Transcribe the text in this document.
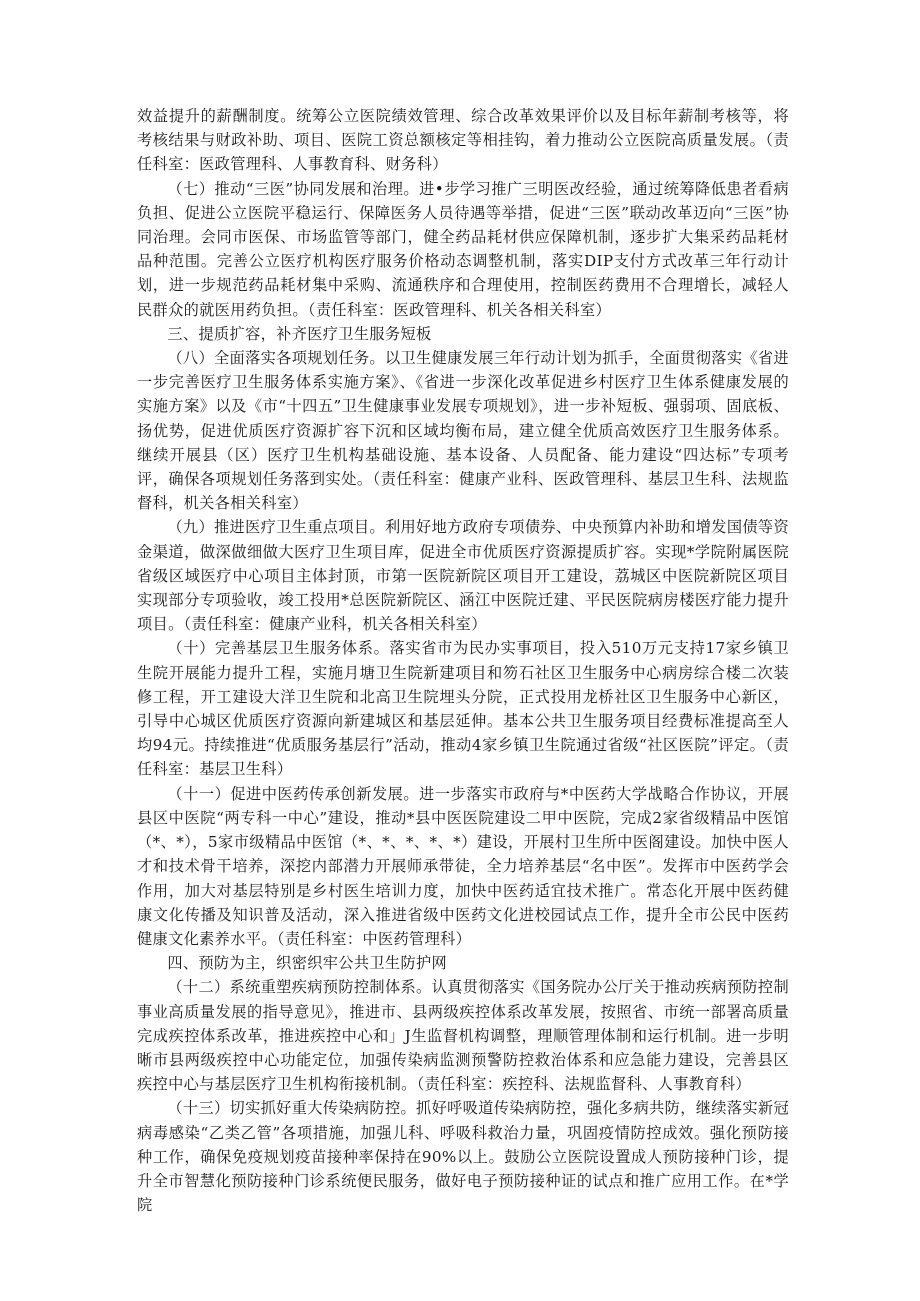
效益提升的薪酬制度。统筹公立医院绩效管理、综合改革效果评价以及目标年薪制考核等，将考核结果与财政补助、项目、医院工资总额核定等相挂钩，着力推动公立医院高质量发展。（责任科室：医政管理科、人事教育科、财务科）

（七）推动“三医”协同发展和治理。进•步学习推广三明医改经验，通过统筹降低患者看病负担、促进公立医院平稳运行、保障医务人员待遇等举措，促进“三医”联动改革迈向“三医”协同治理。会同市医保、市场监管等部门，健全药品耗材供应保障机制，逐步扩大集采药品耗材品种范围。完善公立医疗机构医疗服务价格动态调整机制，落实DIP支付方式改革三年行动计划，进一步规范药品耗材集中采购、流通秩序和合理使用，控制医药费用不合理增长，减轻人民群众的就医用药负担。（责任科室：医政管理科、机关各相关科室）

三、提质扩容，补齐医疗卫生服务短板

（八）全面落实各项规划任务。以卫生健康发展三年行动计划为抓手，全面贯彻落实《省进一步完善医疗卫生服务体系实施方案》、《省进一步深化改革促进乡村医疗卫生体系健康发展的实施方案》以及《市“十四五”卫生健康事业发展专项规划》，进一步补短板、强弱项、固底板、扬优势，促进优质医疗资源扩容下沉和区域均衡布局，建立健全优质高效医疗卫生服务体系。继续开展县（区）医疗卫生机构基础设施、基本设备、人员配备、能力建设“四达标”专项考评，确保各项规划任务落到实处。（责任科室：健康产业科、医政管理科、基层卫生科、法规监督科，机关各相关科室）

（九）推进医疗卫生重点项目。利用好地方政府专项债券、中央预算内补助和增发国债等资金渠道，做深做细做大医疗卫生项目库，促进全市优质医疗资源提质扩容。实现*学院附属医院省级区域医疗中心项目主体封顶，市第一医院新院区项目开工建设，荔城区中医院新院区项目实现部分专项验收，竣工投用*总医院新院区、涵江中医院迁建、平民医院病房楼医疗能力提升项目。（责任科室：健康产业科，机关各相关科室）

（十）完善基层卫生服务体系。落实省市为民办实事项目，投入510万元支持17家乡镇卫生院开展能力提升工程，实施月塘卫生院新建项目和笏石社区卫生服务中心病房综合楼二次装修工程，开工建设大洋卫生院和北高卫生院埋头分院，正式投用龙桥社区卫生服务中心新区，引导中心城区优质医疗资源向新建城区和基层延伸。基本公共卫生服务项目经费标准提高至人均94元。持续推进“优质服务基层行”活动，推动4家乡镇卫生院通过省级“社区医院”评定。（责任科室：基层卫生科）

（十一）促进中医药传承创新发展。进一步落实市政府与*中医药大学战略合作协议，开展县区中医院“两专科一中心”建设，推动*县中医医院建设二甲中医院，完成2家省级精品中医馆（*、*），5家市级精品中医馆（*、*、*、*、*）建设，开展村卫生所中医阁建设。加快中医人才和技术骨干培养，深挖内部潜力开展师承带徒，全力培养基层“名中医”。发挥市中医药学会作用，加大对基层特别是乡村医生培训力度，加快中医药适宜技术推广。常态化开展中医药健康文化传播及知识普及活动，深入推进省级中医药文化进校园试点工作，提升全市公民中医药健康文化素养水平。（责任科室：中医药管理科）

四、预防为主，织密织牢公共卫生防护网

（十二）系统重塑疾病预防控制体系。认真贯彻落实《国务院办公厅关于推动疾病预防控制事业高质量发展的指导意见》，推进市、县两级疾控体系改革发展，按照省、市统一部署高质量完成疾控体系改革，推进疾控中心和」J生监督机构调整，理顺管理体制和运行机制。进一步明晰市县两级疾控中心功能定位，加强传染病监测预警防控救治体系和应急能力建设，完善县区疾控中心与基层医疗卫生机构衔接机制。（责任科室：疾控科、法规监督科、人事教育科）

（十三）切实抓好重大传染病防控。抓好呼吸道传染病防控，强化多病共防，继续落实新冠病毒感染“乙类乙管”各项措施，加强儿科、呼吸科救治力量，巩固疫情防控成效。强化预防接种工作，确保免疫规划疫苗接种率保持在90%以上。鼓励公立医院设置成人预防接种门诊，提升全市智慧化预防接种门诊系统便民服务，做好电子预防接种证的试点和推广应用工作。在*学院
